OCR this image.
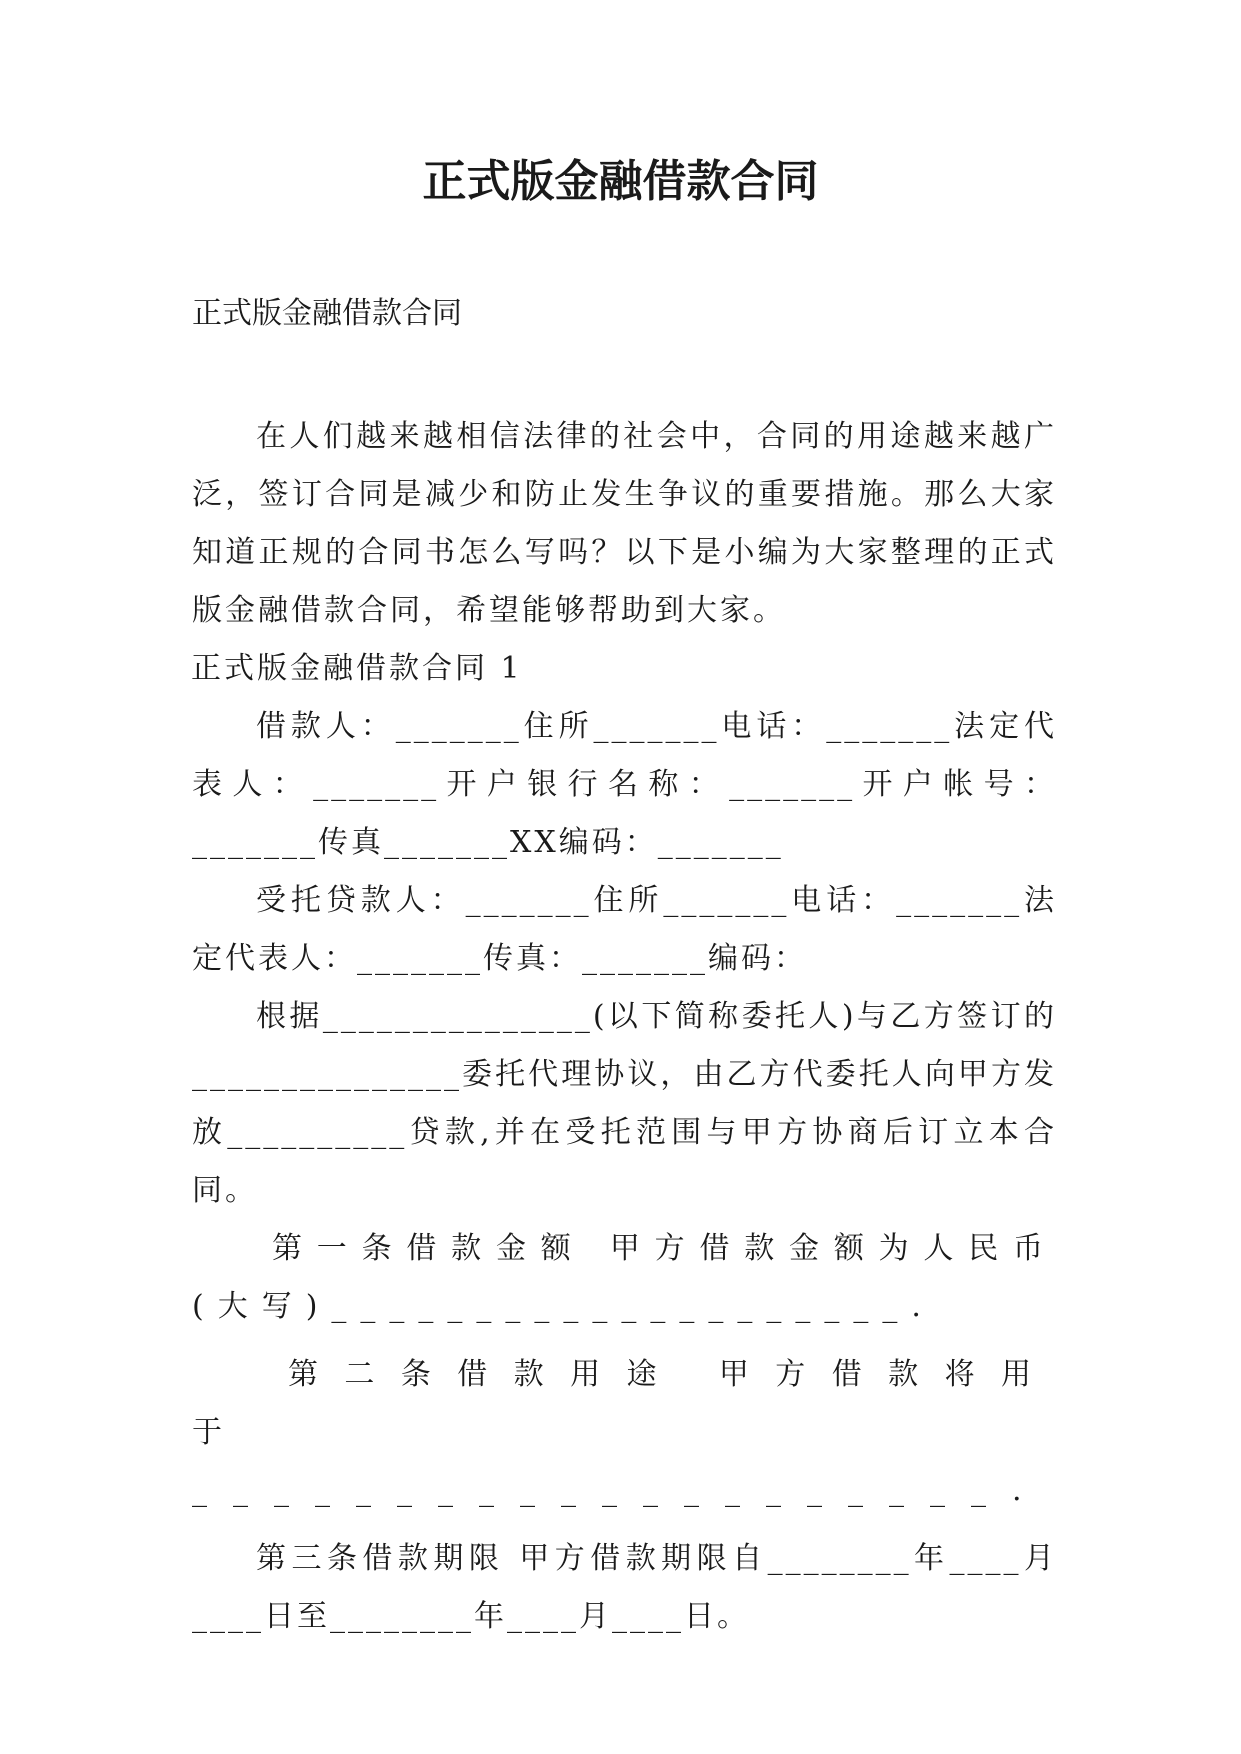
正式版金融借款合同
正式版金融借款合同

在人们越来越相信法律的社会中，合同的用途越来越广泛，签订合同是减少和防止发生争议的重要措施。那么大家知道正规的合同书怎么写吗？以下是小编为大家整理的正式版金融借款合同，希望能够帮助到大家。

正式版金融借款合同 1

借款人：_______住所_______电话：_______法定代表人：_______开户银行名称：_______开户帐号：_______传真_______XX编码：_______

受托贷款人：_______住所_______电话：_______法定代表人：_______传真：_______编码：

根据_______________(以下简称委托人)与乙方签订的_______________委托代理协议，由乙方代委托人向甲方发放__________贷款,并在受托范围与甲方协商后订立本合同。

第一条借款金额 甲方借款金额为人民币(大写)____________________.

第二条借款用途 甲方借款将用于____________________.

第三条借款期限 甲方借款期限自________年____月____日至________年____月____日。
